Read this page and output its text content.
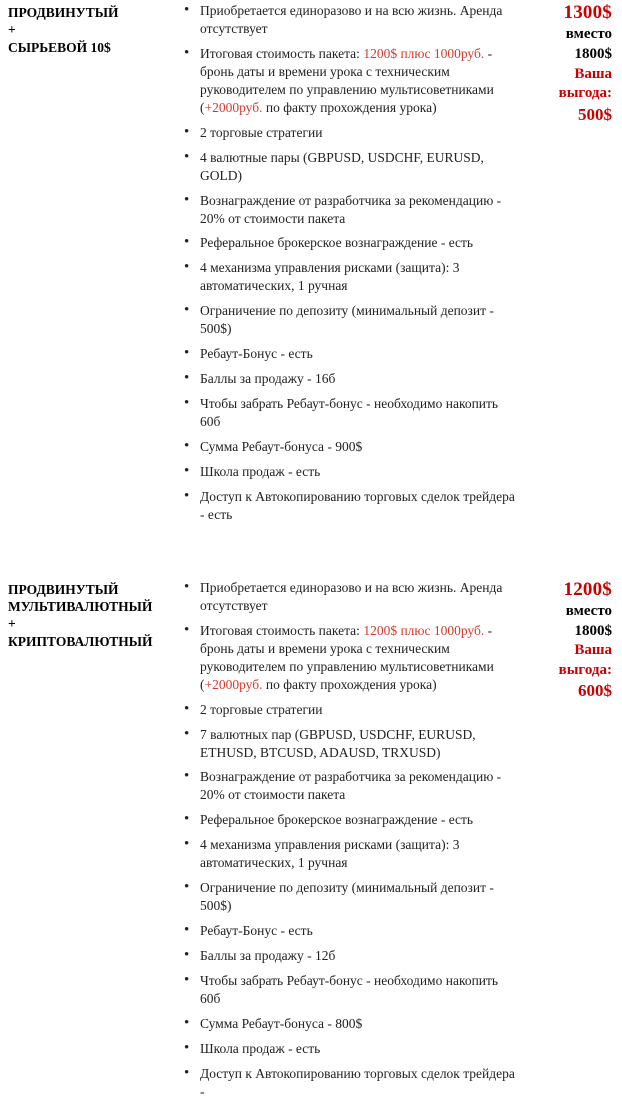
ПРОДВИНУТЫЙ
+
СЫРЬЕВОЙ 10$
• Приобретается единоразово и на всю жизнь. Аренда отсутствует
• Итоговая стоимость пакета: 1200$ плюс 1000руб. - бронь даты и времени урока с техническим руководителем по управлению мультисоветниками (+2000руб. по факту прохождения урока)
• 2 торговые стратегии
• 4 валютные пары (GBPUSD, USDCHF, EURUSD, GOLD)
• Вознаграждение от разработчика за рекомендацию - 20% от стоимости пакета
• Реферальное брокерское вознаграждение - есть
• 4 механизма управления рисками (защита): 3 автоматических, 1 ручная
• Ограничение по депозиту (минимальный депозит - 500$)
• Ребаут-Бонус - есть
• Баллы за продажу - 16б
• Чтобы забрать Ребаут-бонус - необходимо накопить 60б
• Сумма Ребаут-бонуса - 900$
• Школа продаж - есть
• Доступ к Автокопированию торговых сделок трейдера - есть
1300$
вместо
1800$
Ваша
выгода:
500$
ПРОДВИНУТЫЙ
МУЛЬТИВАЛЮТНЫЙ
+
КРИПТОВАЛЮТНЫЙ
• Приобретается единоразово и на всю жизнь. Аренда отсутствует
• Итоговая стоимость пакета: 1200$ плюс 1000руб. - бронь даты и времени урока с техническим руководителем по управлению мультисоветниками (+2000руб. по факту прохождения урока)
• 2 торговые стратегии
• 7 валютных пар (GBPUSD, USDCHF, EURUSD, ETHUSD, BTCUSD, ADAUSD, TRXUSD)
• Вознаграждение от разработчика за рекомендацию - 20% от стоимости пакета
• Реферальное брокерское вознаграждение - есть
• 4 механизма управления рисками (защита): 3 автоматических, 1 ручная
• Ограничение по депозиту (минимальный депозит - 500$)
• Ребаут-Бонус - есть
• Баллы за продажу - 12б
• Чтобы забрать Ребаут-бонус - необходимо накопить 60б
• Сумма Ребаут-бонуса - 800$
• Школа продаж - есть
• Доступ к Автокопированию торговых сделок трейдера -
1200$
вместо
1800$
Ваша
выгода:
600$
